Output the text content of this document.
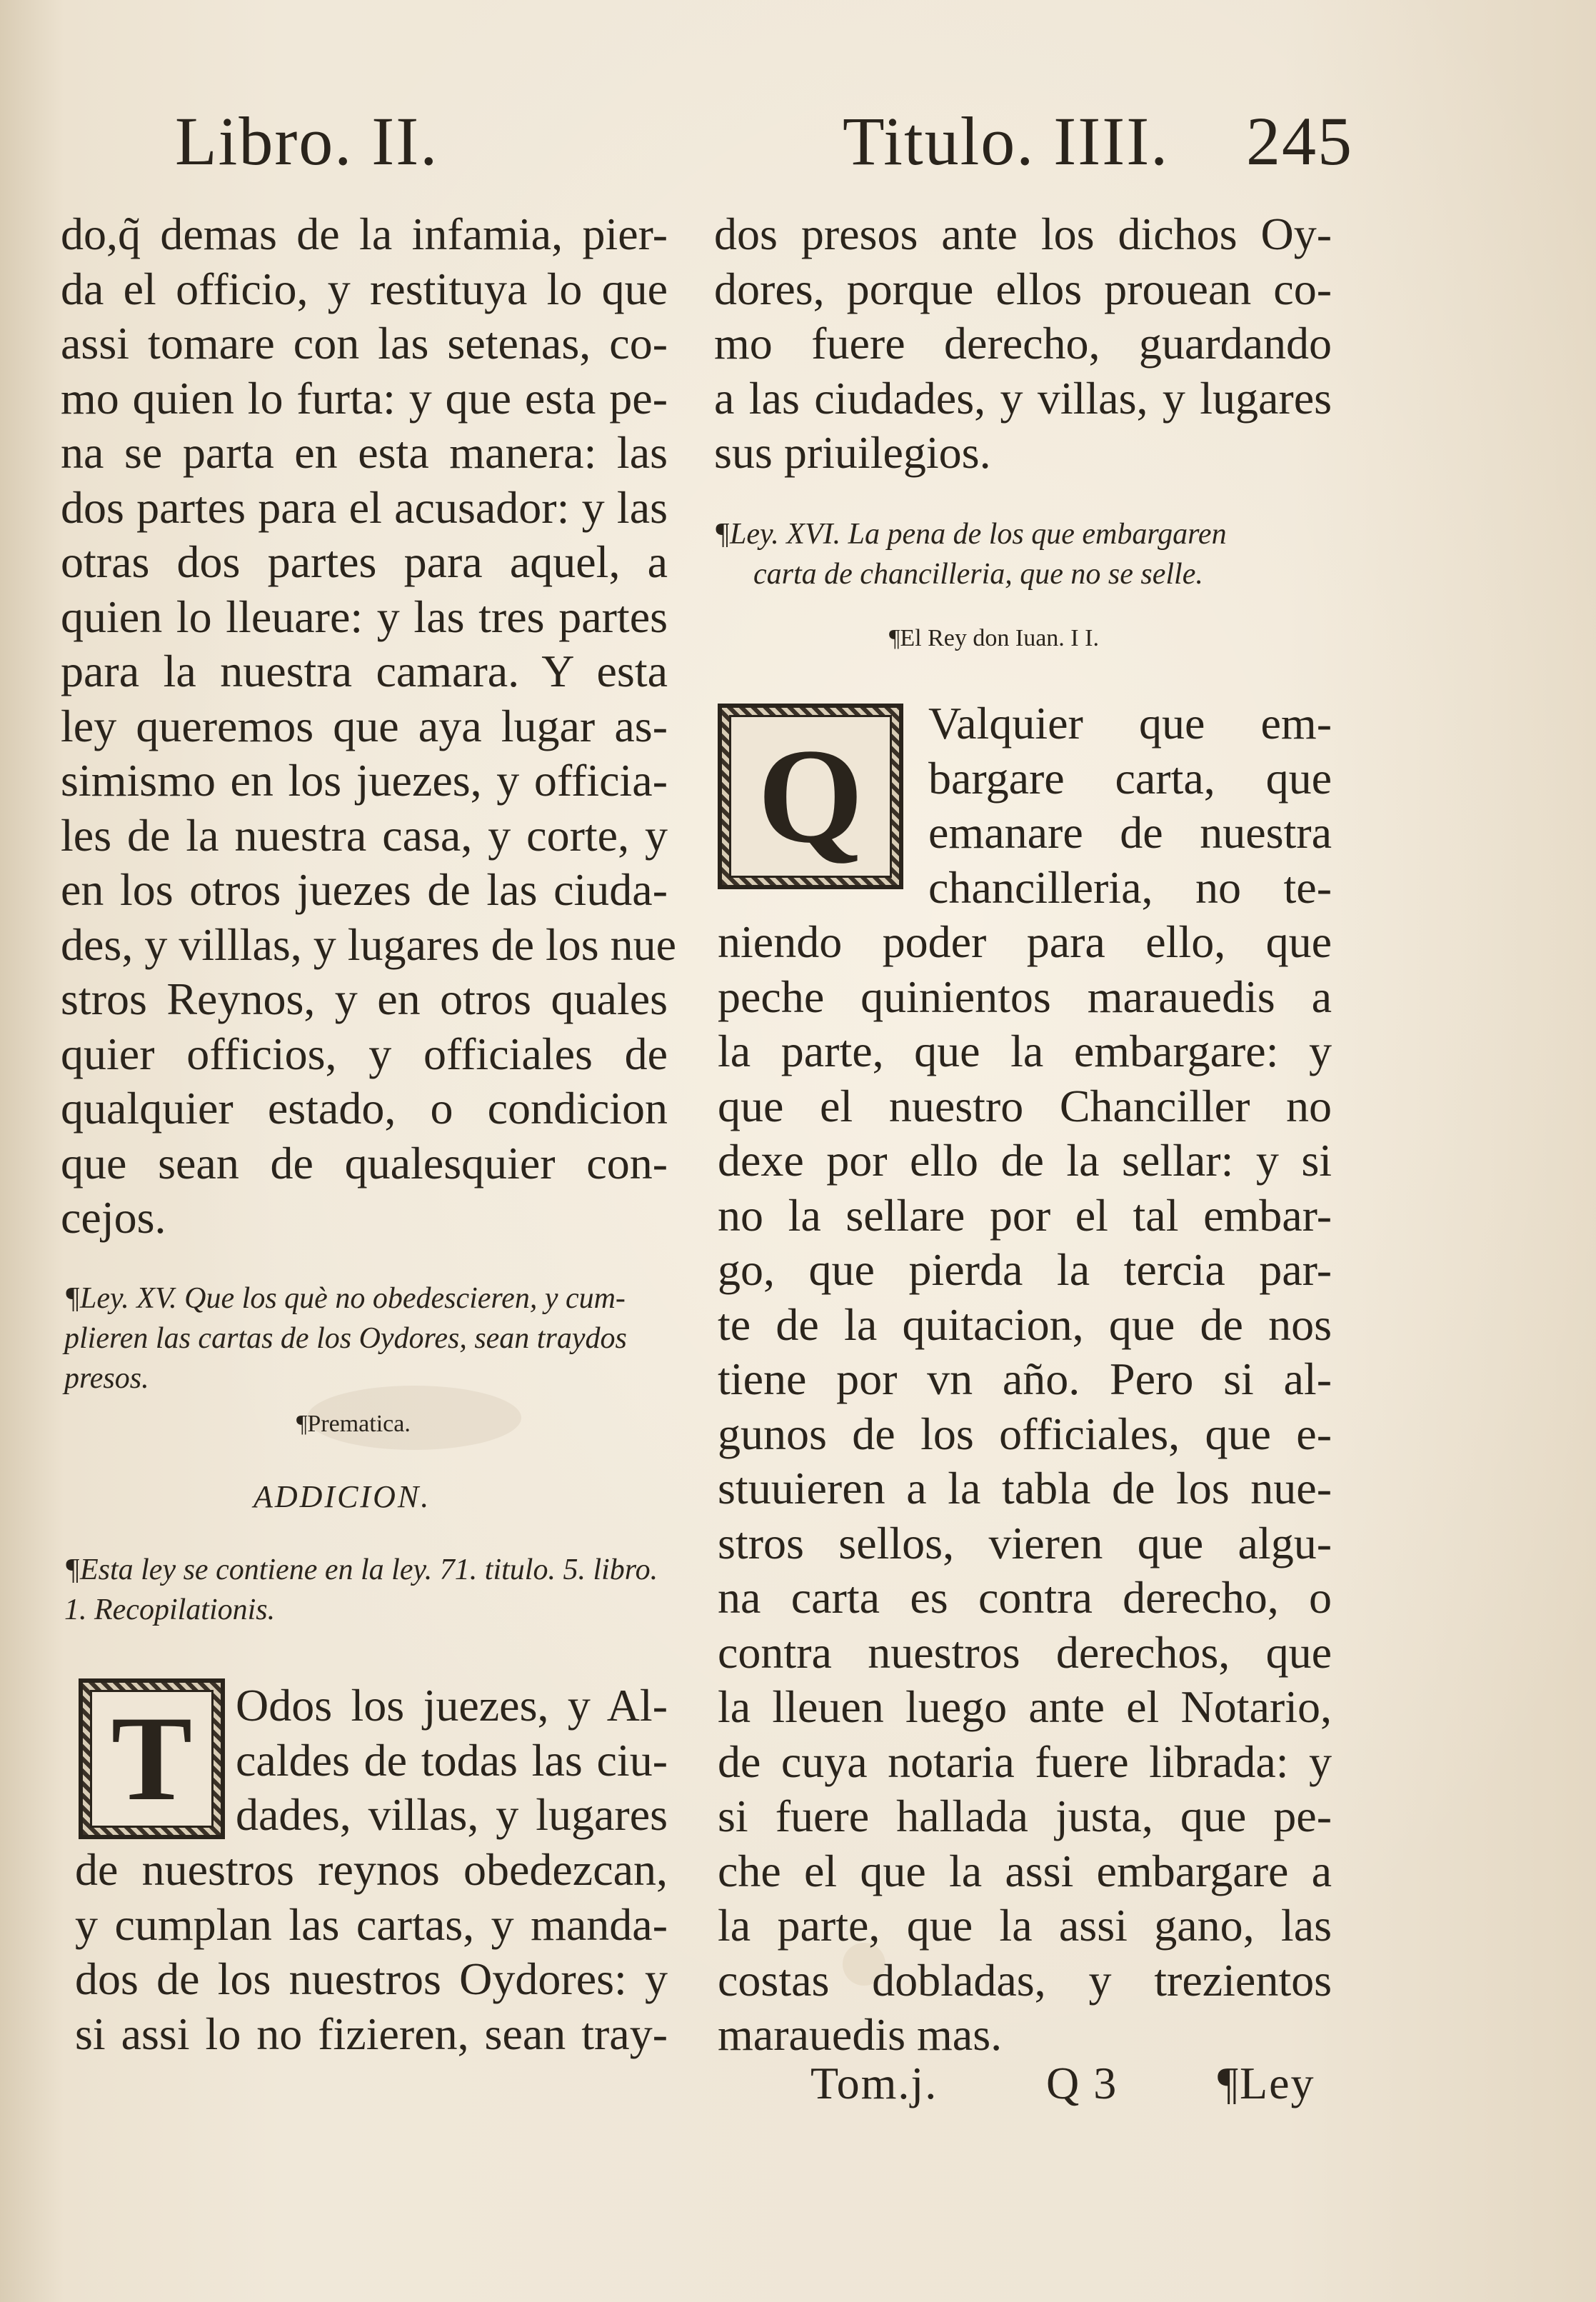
Libro. II.	Titulo. IIII. 245
do,q̃ demas de la infamia, pier-
da el officio, y restituya lo que
assi tomare con las setenas, co-
mo quien lo furta: y que esta pe-
na se parta en esta manera: las
dos partes para el acusador: y las
otras dos partes para aquel, a
quien lo lleuare: y las tres partes
para la nuestra camara. Y esta
ley queremos que aya lugar as-
simismo en los juezes, y officia-
les de la nuestra casa, y corte, y
en los otros juezes de las ciuda-
des, y villlas, y lugares de los nue
stros Reynos, y en otros quales
quier officios, y officiales de
qualquier estado, o condicion
que sean de qualesquier con-
cejos.
¶Ley. XV. Que los què no obedescieren, y cum-
plieren las cartas de los Oydores, sean traydos
presos.
¶Prematica.
ADDICION.
¶Esta ley se contiene en la ley. 71. titulo. 5. libro.
1. Recopilationis.
T Odos los juezes, y Al-
caldes de todas las ciu-
dades, villas, y lugares
de nuestros reynos obedezcan,
y cumplan las cartas, y manda-
dos de los nuestros Oydores: y
si assi lo no fizieren, sean tray-
dos presos ante los dichos Oy-
dores, porque ellos prouean co-
mo fuere derecho, guardando
a las ciudades, y villas, y lugares
sus priuilegios.
¶Ley. XVI. La pena de los que embargaren
carta de chancilleria, que no se selle.
¶El Rey don Iuan. I I.
Q	Valquier que em-
bargare carta, que
emanare de nuestra
chancilleria, no te-
niendo poder para ello, que
peche quinientos marauedis a
la parte, que la embargare: y
que el nuestro Chanciller no
dexe por ello de la sellar: y si
no la sellare por el tal embar-
go, que pierda la tercia par-
te de la quitacion, que de nos
tiene por vn año. Pero si al-
gunos de los officiales, que e-
stuuieren a la tabla de los nue-
stros sellos, vieren que algu-
na carta es contra derecho, o
contra nuestros derechos, que
la lleuen luego ante el Notario,
de cuya notaria fuere librada: y
si fuere hallada justa, que pe-
che el que la assi embargare a
la parte, que la assi gano, las
costas dobladas, y trezientos
marauedis mas.
Tom.j. Q 3 ¶Ley
